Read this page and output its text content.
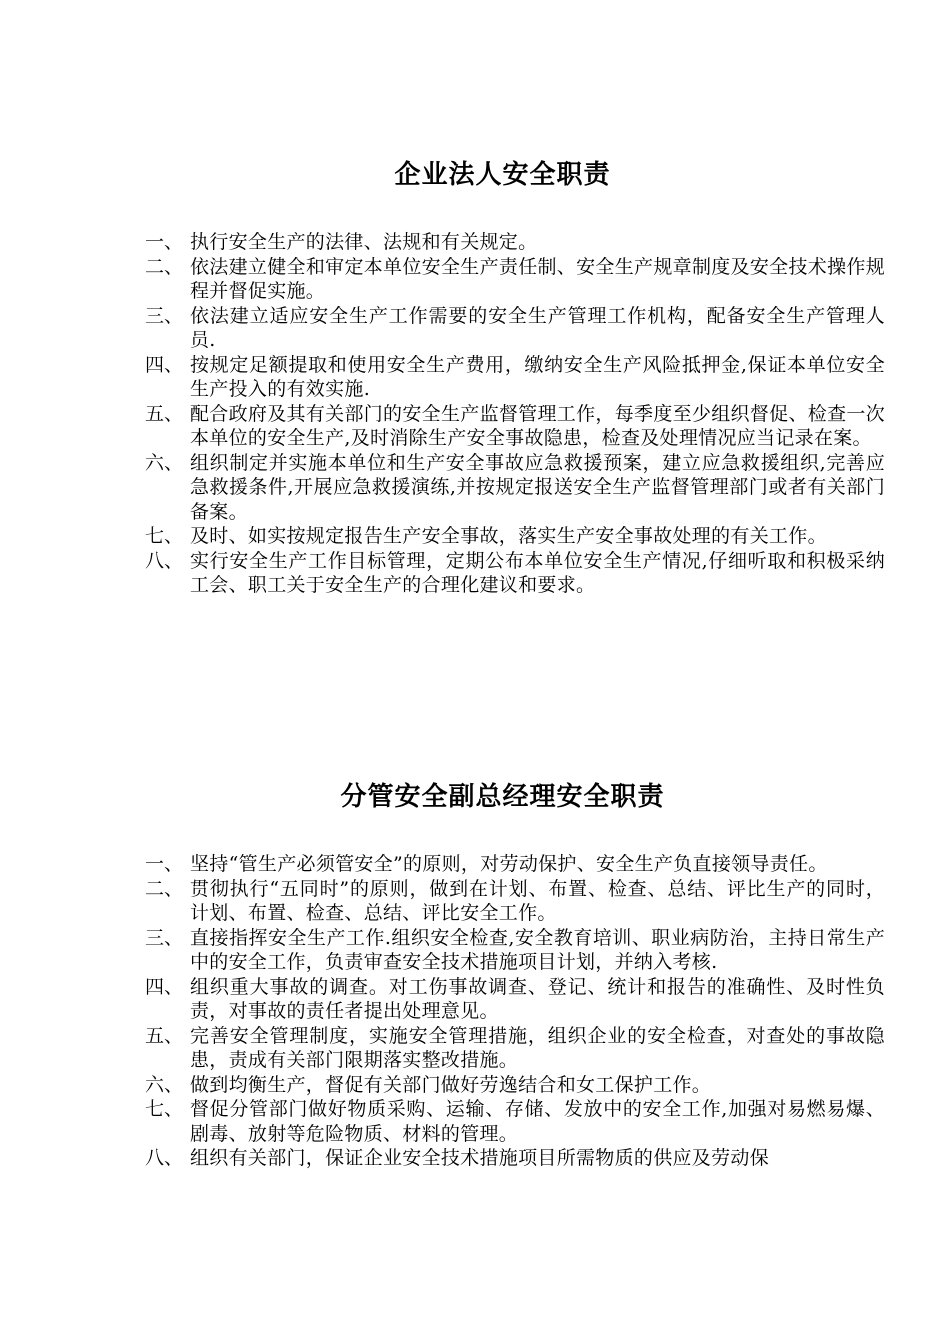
企业法人安全职责
一、 执行安全生产的法律、法规和有关规定。
二、 依法建立健全和审定本单位安全生产责任制、安全生产规章制度及安全技术操作规程并督促实施。
三、 依法建立适应安全生产工作需要的安全生产管理工作机构，配备安全生产管理人员.
四、 按规定足额提取和使用安全生产费用，缴纳安全生产风险抵押金,保证本单位安全生产投入的有效实施.
五、 配合政府及其有关部门的安全生产监督管理工作，每季度至少组织督促、检查一次本单位的安全生产,及时消除生产安全事故隐患，检查及处理情况应当记录在案。
六、 组织制定并实施本单位和生产安全事故应急救援预案，建立应急救援组织,完善应急救援条件,开展应急救援演练,并按规定报送安全生产监督管理部门或者有关部门备案。
七、 及时、如实按规定报告生产安全事故，落实生产安全事故处理的有关工作。
八、 实行安全生产工作目标管理，定期公布本单位安全生产情况,仔细听取和积极采纳工会、职工关于安全生产的合理化建议和要求。
分管安全副总经理安全职责
一、 坚持“管生产必须管安全”的原则，对劳动保护、安全生产负直接领导责任。
二、 贯彻执行“五同时”的原则，做到在计划、布置、检查、总结、评比生产的同时，计划、布置、检查、总结、评比安全工作。
三、 直接指挥安全生产工作.组织安全检查,安全教育培训、职业病防治，主持日常生产中的安全工作，负责审查安全技术措施项目计划，并纳入考核.
四、 组织重大事故的调查。对工伤事故调查、登记、统计和报告的准确性、及时性负责，对事故的责任者提出处理意见。
五、 完善安全管理制度，实施安全管理措施，组织企业的安全检查，对查处的事故隐患，责成有关部门限期落实整改措施。
六、 做到均衡生产，督促有关部门做好劳逸结合和女工保护工作。
七、 督促分管部门做好物质采购、运输、存储、发放中的安全工作,加强对易燃易爆、剧毒、放射等危险物质、材料的管理。
八、 组织有关部门，保证企业安全技术措施项目所需物质的供应及劳动保
